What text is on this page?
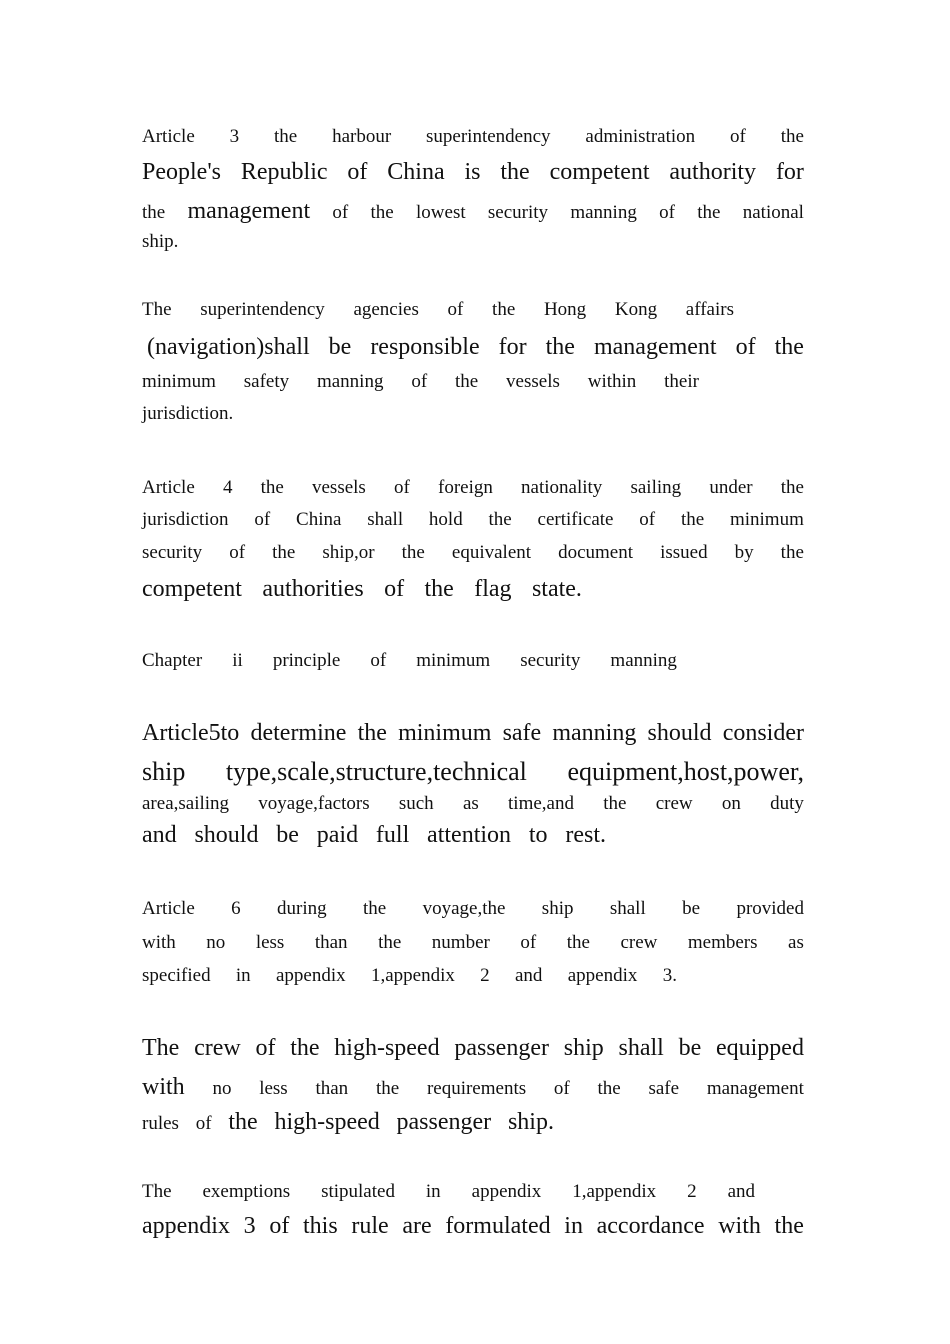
Article 3 the harbour superintendency administration of the
People's Republic of China is the competent authority for
the management of the lowest security manning of the national
ship.
The superintendency agencies of the Hong Kong affairs
(navigation)shall be responsible for the management of the
minimum safety manning of the vessels within their
jurisdiction.
Article 4 the vessels of foreign nationality sailing under the
jurisdiction of China shall hold the certificate of the minimum
security of the ship,or the equivalent document issued by the
competent authorities of the flag state.
Chapter ii principle of minimum security manning
Article5to determine the minimum safe manning should consider
ship type,scale,structure,technical equipment,host,power,
area,sailing voyage,factors such as time,and the crew on duty
and should be paid full attention to rest.
Article 6 during the voyage,the ship shall be provided
with no less than the number of the crew members as
specified in appendix 1,appendix 2 and appendix 3.
The crew of the high-speed passenger ship shall be equipped
with no less than the requirements of the safe management
rules of the high-speed passenger ship.
The exemptions stipulated in appendix 1,appendix 2 and
appendix 3 of this rule are formulated in accordance with the
